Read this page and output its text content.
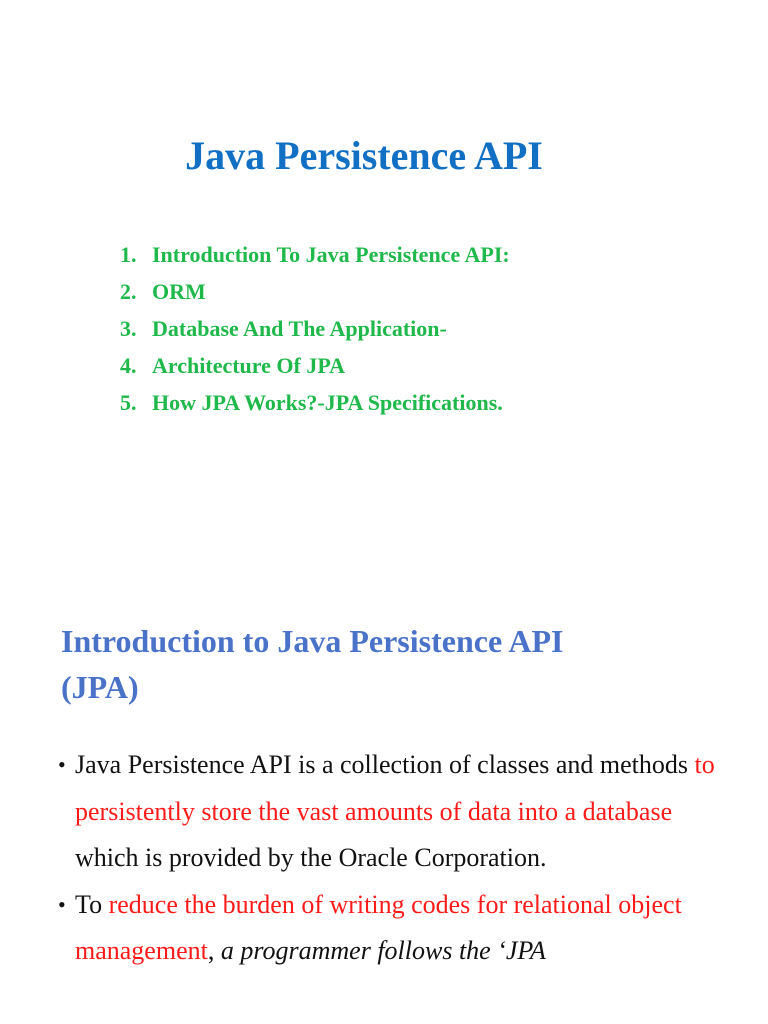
Java Persistence API
1. Introduction To Java Persistence API:
2. ORM
3. Database And The Application-
4. Architecture Of JPA
5. How JPA Works?-JPA Specifications.
Introduction to Java Persistence API
(JPA)
• Java Persistence API is a collection of classes and methods to persistently store the vast amounts of data into a database which is provided by the Oracle Corporation.
• To reduce the burden of writing codes for relational object management, a programmer follows the ‘JPA
